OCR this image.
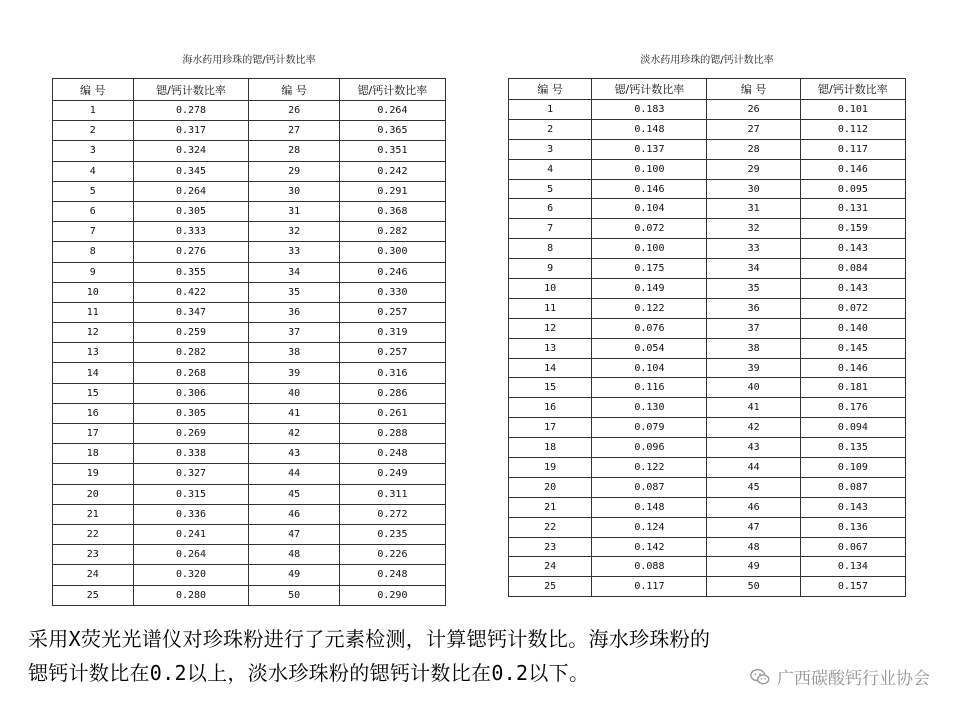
海水药用珍珠的锶/钙计数比率
编 号	锶/钙计数比率	编 号	锶/钙计数比率
1	0.278	26	0.264
2	0.317	27	0.365
3	0.324	28	0.351
4	0.345	29	0.242
5	0.264	30	0.291
6	0.305	31	0.368
7	0.333	32	0.282
8	0.276	33	0.300
9	0.355	34	0.246
10	0.422	35	0.330
11	0.347	36	0.257
12	0.259	37	0.319
13	0.282	38	0.257
14	0.268	39	0.316
15	0.306	40	0.286
16	0.305	41	0.261
17	0.269	42	0.288
18	0.338	43	0.248
19	0.327	44	0.249
20	0.315	45	0.311
21	0.336	46	0.272
22	0.241	47	0.235
23	0.264	48	0.226
24	0.320	49	0.248
25	0.280	50	0.290
淡水药用珍珠的锶/钙计数比率
编 号	锶/钙计数比率	编 号	锶/钙计数比率
1	0.183	26	0.101
2	0.148	27	0.112
3	0.137	28	0.117
4	0.100	29	0.146
5	0.146	30	0.095
6	0.104	31	0.131
7	0.072	32	0.159
8	0.100	33	0.143
9	0.175	34	0.084
10	0.149	35	0.143
11	0.122	36	0.072
12	0.076	37	0.140
13	0.054	38	0.145
14	0.104	39	0.146
15	0.116	40	0.181
16	0.130	41	0.176
17	0.079	42	0.094
18	0.096	43	0.135
19	0.122	44	0.109
20	0.087	45	0.087
21	0.148	46	0.143
22	0.124	47	0.136
23	0.142	48	0.067
24	0.088	49	0.134
25	0.117	50	0.157
采用X荧光光谱仪对珍珠粉进行了元素检测，计算锶钙计数比。海水珍珠粉的
锶钙计数比在0.2以上，淡水珍珠粉的锶钙计数比在0.2以下。	广西碳酸钙行业协会
